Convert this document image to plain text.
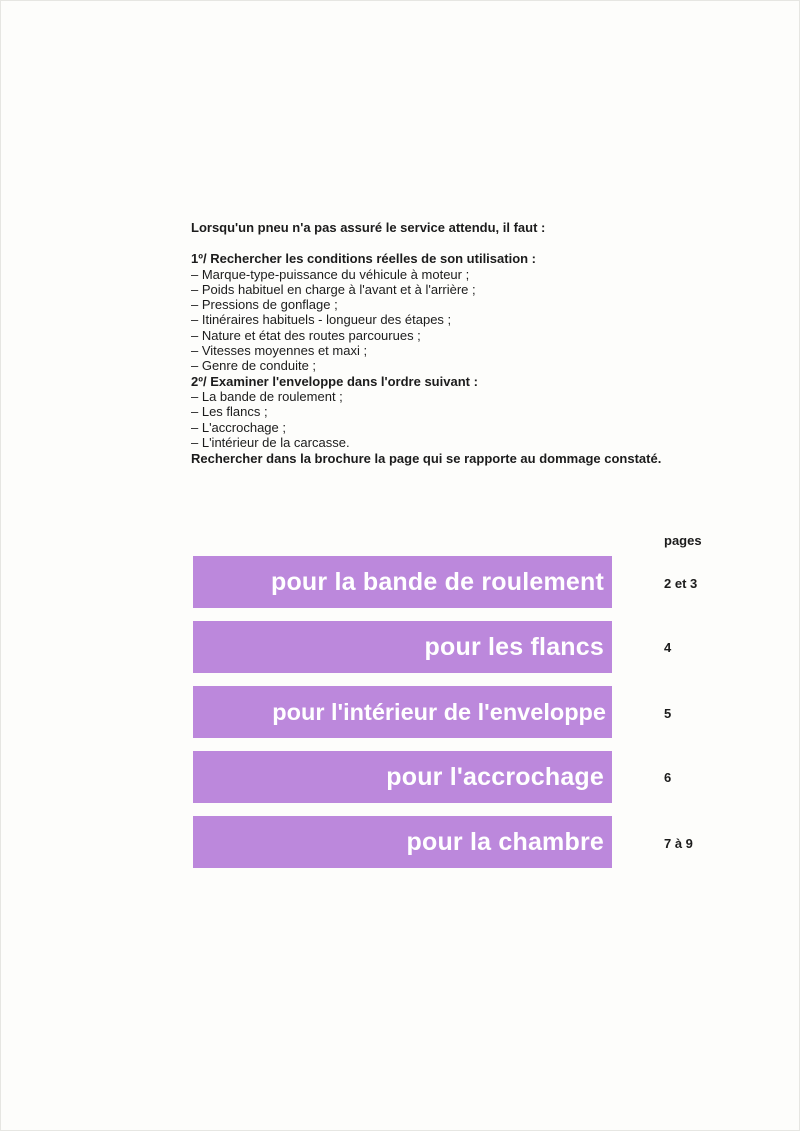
Lorsqu'un pneu n'a pas assuré le service attendu, il faut :

1º/ Rechercher les conditions réelles de son utilisation :

– Marque-type-puissance du véhicule à moteur ;

– Poids habituel en charge à l'avant et à l'arrière ;

– Pressions de gonflage ;

– Itinéraires habituels - longueur des étapes ;

– Nature et état des routes parcourues ;

– Vitesses moyennes et maxi ;

– Genre de conduite ;

2º/ Examiner l'enveloppe dans l'ordre suivant :

– La bande de roulement ;

– Les flancs ;

– L'accrochage ;

– L'intérieur de la carcasse.

Rechercher dans la brochure la page qui se rapporte au dommage constaté.

pages
pour la bande de roulement	2 et 3
pour les flancs	4
pour l'intérieur de l'enveloppe	5
pour l'accrochage	6
pour la chambre	7 à 9
